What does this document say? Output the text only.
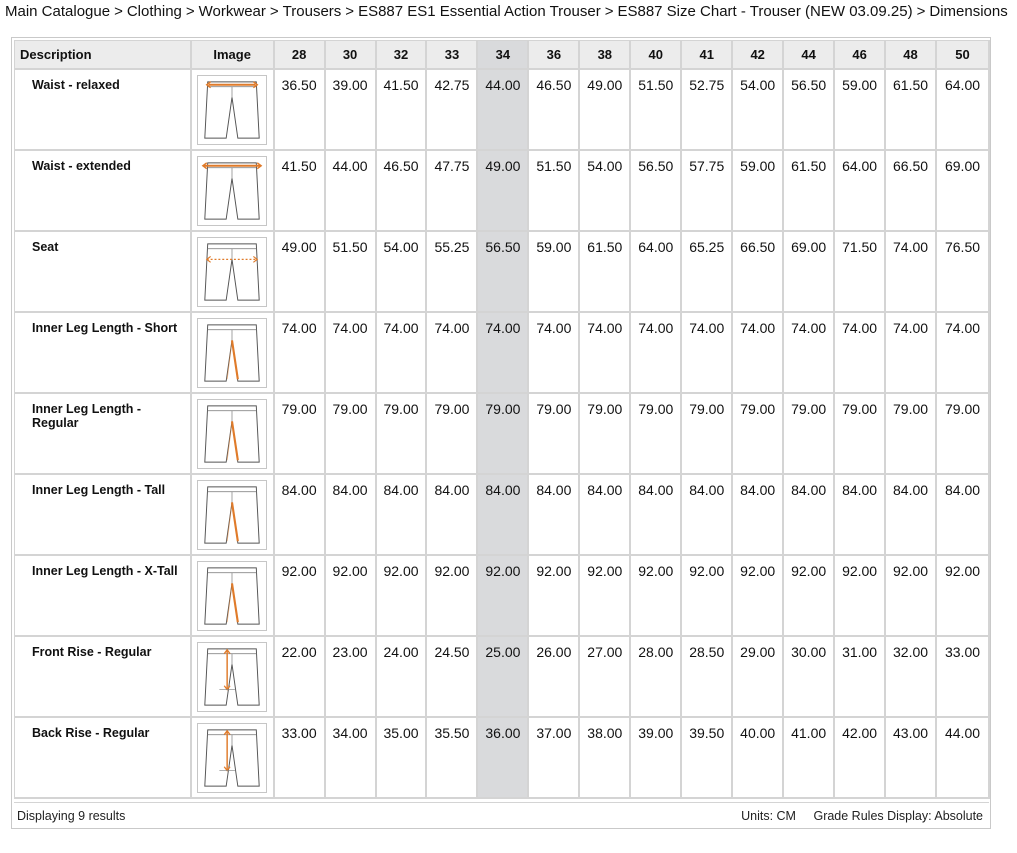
Main Catalogue > Clothing > Workwear > Trousers > ES887 ES1 Essential Action Trouser > ES887 Size Chart - Trouser (NEW 03.09.25) > Dimensions
Description	Image	28	30	32	33	34	36	38	40	41	42	44	46	48	50
Waist - relaxed		36.50	39.00	41.50	42.75	44.00	46.50	49.00	51.50	52.75	54.00	56.50	59.00	61.50	64.00
Waist - extended		41.50	44.00	46.50	47.75	49.00	51.50	54.00	56.50	57.75	59.00	61.50	64.00	66.50	69.00
Seat		49.00	51.50	54.00	55.25	56.50	59.00	61.50	64.00	65.25	66.50	69.00	71.50	74.00	76.50
Inner Leg Length - Short		74.00	74.00	74.00	74.00	74.00	74.00	74.00	74.00	74.00	74.00	74.00	74.00	74.00	74.00
Inner Leg Length - Regular		79.00	79.00	79.00	79.00	79.00	79.00	79.00	79.00	79.00	79.00	79.00	79.00	79.00	79.00
Inner Leg Length - Tall		84.00	84.00	84.00	84.00	84.00	84.00	84.00	84.00	84.00	84.00	84.00	84.00	84.00	84.00
Inner Leg Length - X-Tall		92.00	92.00	92.00	92.00	92.00	92.00	92.00	92.00	92.00	92.00	92.00	92.00	92.00	92.00
Front Rise - Regular		22.00	23.00	24.00	24.50	25.00	26.00	27.00	28.00	28.50	29.00	30.00	31.00	32.00	33.00
Back Rise - Regular		33.00	34.00	35.00	35.50	36.00	37.00	38.00	39.00	39.50	40.00	41.00	42.00	43.00	44.00
Displaying 9 results	Units: CM Grade Rules Display: Absolute
